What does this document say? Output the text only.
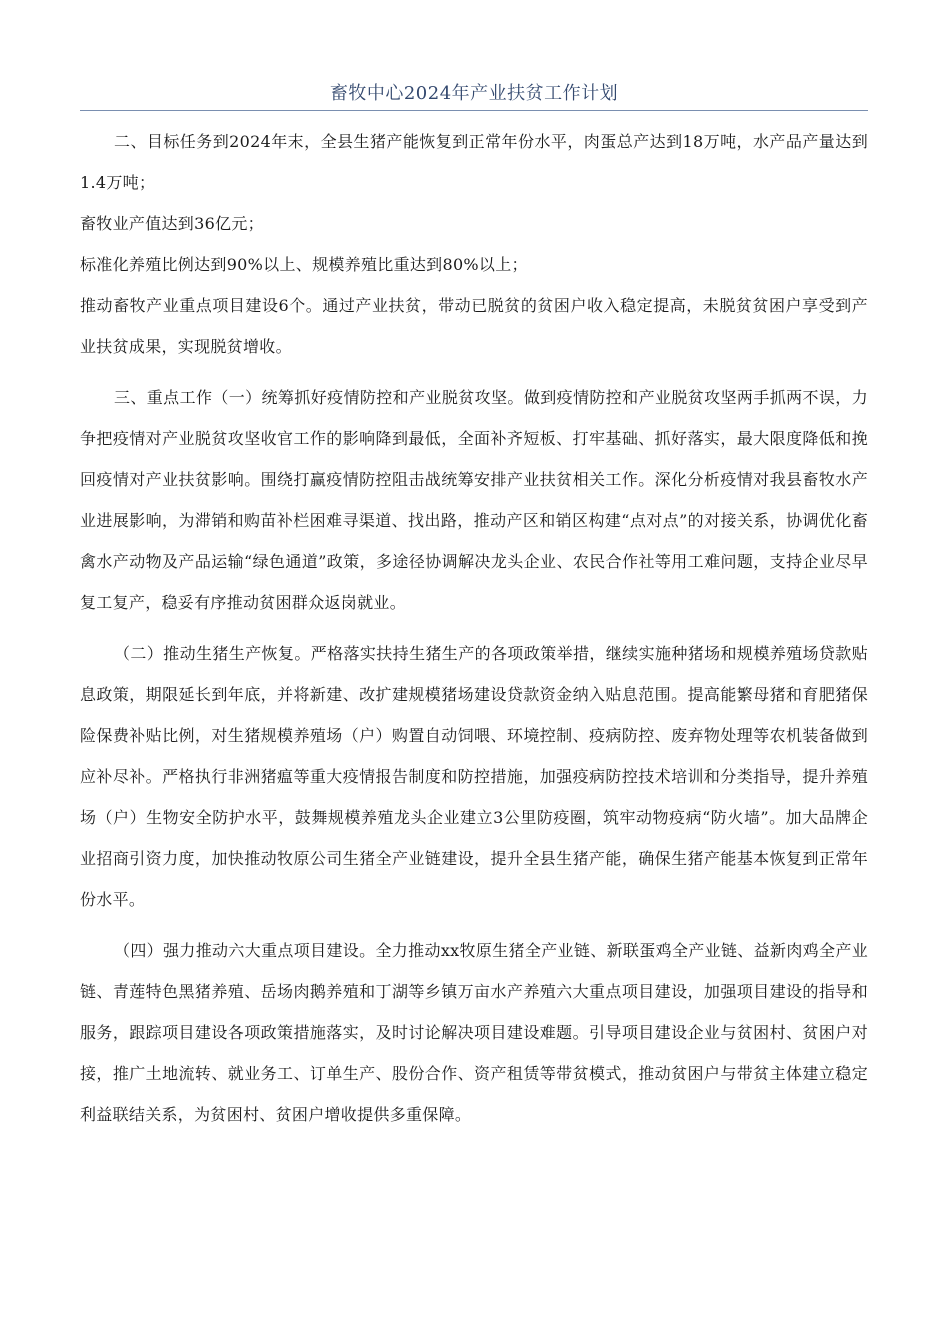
畜牧中心2024年产业扶贫工作计划

二、目标任务到2024年末，全县生猪产能恢复到正常年份水平，肉蛋总产达到18万吨，水产品产量达到1.4万吨；

畜牧业产值达到36亿元；

标准化养殖比例达到90%以上、规模养殖比重达到80%以上；

推动畜牧产业重点项目建设6个。通过产业扶贫，带动已脱贫的贫困户收入稳定提高，未脱贫贫困户享受到产业扶贫成果，实现脱贫增收。

三、重点工作（一）统筹抓好疫情防控和产业脱贫攻坚。做到疫情防控和产业脱贫攻坚两手抓两不误，力争把疫情对产业脱贫攻坚收官工作的影响降到最低，全面补齐短板、打牢基础、抓好落实，最大限度降低和挽回疫情对产业扶贫影响。围绕打赢疫情防控阻击战统筹安排产业扶贫相关工作。深化分析疫情对我县畜牧水产业进展影响，为滞销和购苗补栏困难寻渠道、找出路，推动产区和销区构建“点对点”的对接关系，协调优化畜禽水产动物及产品运输“绿色通道”政策，多途径协调解决龙头企业、农民合作社等用工难问题，支持企业尽早复工复产，稳妥有序推动贫困群众返岗就业。

（二）推动生猪生产恢复。严格落实扶持生猪生产的各项政策举措，继续实施种猪场和规模养殖场贷款贴息政策，期限延长到年底，并将新建、改扩建规模猪场建设贷款资金纳入贴息范围。提高能繁母猪和育肥猪保险保费补贴比例，对生猪规模养殖场（户）购置自动饲喂、环境控制、疫病防控、废弃物处理等农机装备做到应补尽补。严格执行非洲猪瘟等重大疫情报告制度和防控措施，加强疫病防控技术培训和分类指导，提升养殖场（户）生物安全防护水平，鼓舞规模养殖龙头企业建立3公里防疫圈，筑牢动物疫病“防火墙”。加大品牌企业招商引资力度，加快推动牧原公司生猪全产业链建设，提升全县生猪产能，确保生猪产能基本恢复到正常年份水平。

（四）强力推动六大重点项目建设。全力推动xx牧原生猪全产业链、新联蛋鸡全产业链、益新肉鸡全产业链、青莲特色黑猪养殖、岳场肉鹅养殖和丁湖等乡镇万亩水产养殖六大重点项目建设，加强项目建设的指导和服务，跟踪项目建设各项政策措施落实，及时讨论解决项目建设难题。引导项目建设企业与贫困村、贫困户对接，推广土地流转、就业务工、订单生产、股份合作、资产租赁等带贫模式，推动贫困户与带贫主体建立稳定利益联结关系，为贫困村、贫困户增收提供多重保障。
